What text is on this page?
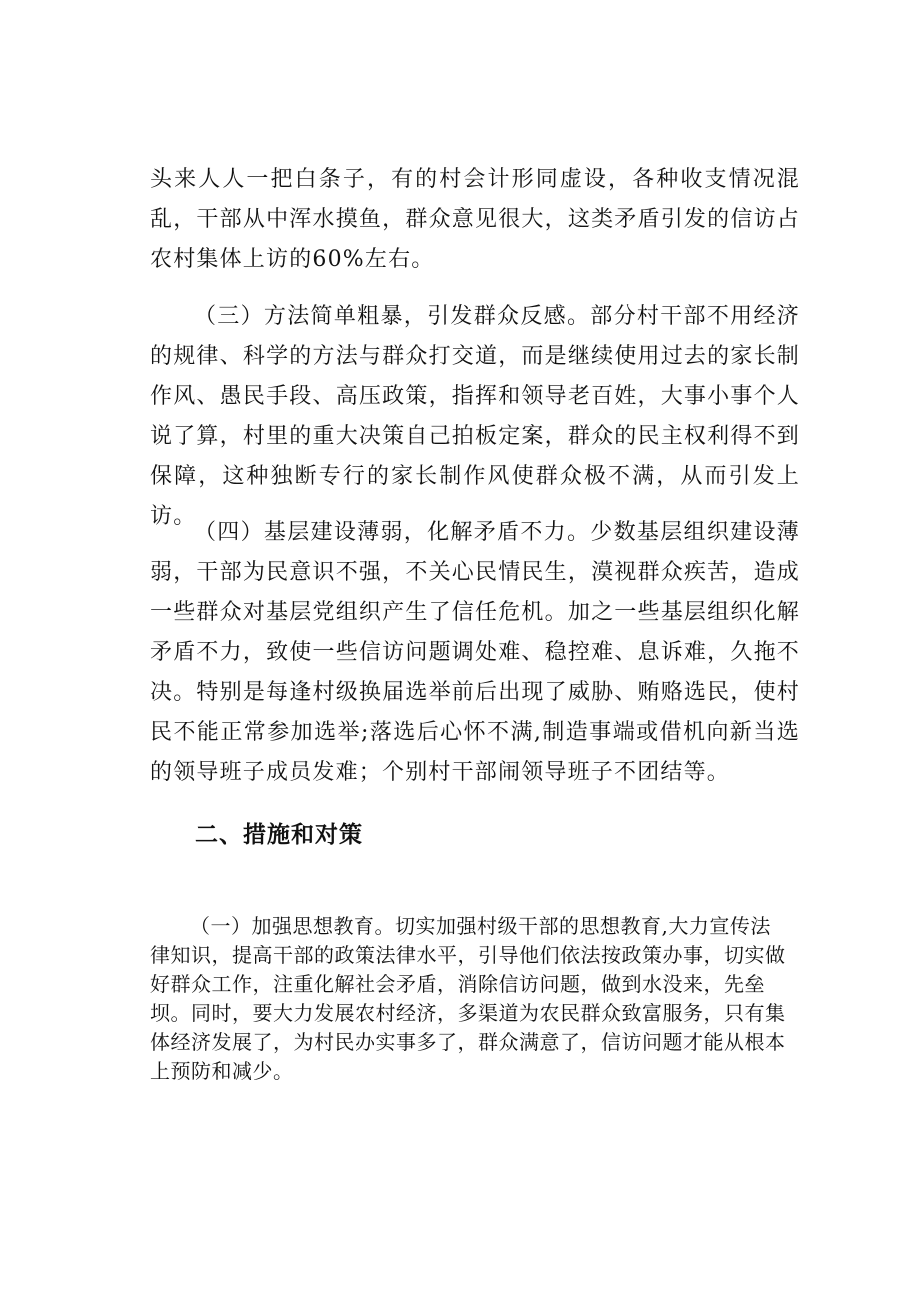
头来人人一把白条子，有的村会计形同虚设，各种收支情况混乱，干部从中浑水摸鱼，群众意见很大，这类矛盾引发的信访占农村集体上访的60%左右。

（三）方法简单粗暴，引发群众反感。部分村干部不用经济的规律、科学的方法与群众打交道，而是继续使用过去的家长制作风、愚民手段、高压政策，指挥和领导老百姓，大事小事个人说了算，村里的重大决策自己拍板定案，群众的民主权利得不到保障，这种独断专行的家长制作风使群众极不满，从而引发上访。

（四）基层建设薄弱，化解矛盾不力。少数基层组织建设薄弱，干部为民意识不强，不关心民情民生，漠视群众疾苦，造成一些群众对基层党组织产生了信任危机。加之一些基层组织化解矛盾不力，致使一些信访问题调处难、稳控难、息诉难，久拖不决。特别是每逢村级换届选举前后出现了威胁、贿赂选民，使村民不能正常参加选举;落选后心怀不满,制造事端或借机向新当选的领导班子成员发难；个别村干部闹领导班子不团结等。

二、措施和对策

（一）加强思想教育。切实加强村级干部的思想教育,大力宣传法律知识，提高干部的政策法律水平，引导他们依法按政策办事，切实做好群众工作，注重化解社会矛盾，消除信访问题，做到水没来，先垒坝。同时，要大力发展农村经济，多渠道为农民群众致富服务，只有集体经济发展了，为村民办实事多了，群众满意了，信访问题才能从根本上预防和减少。
